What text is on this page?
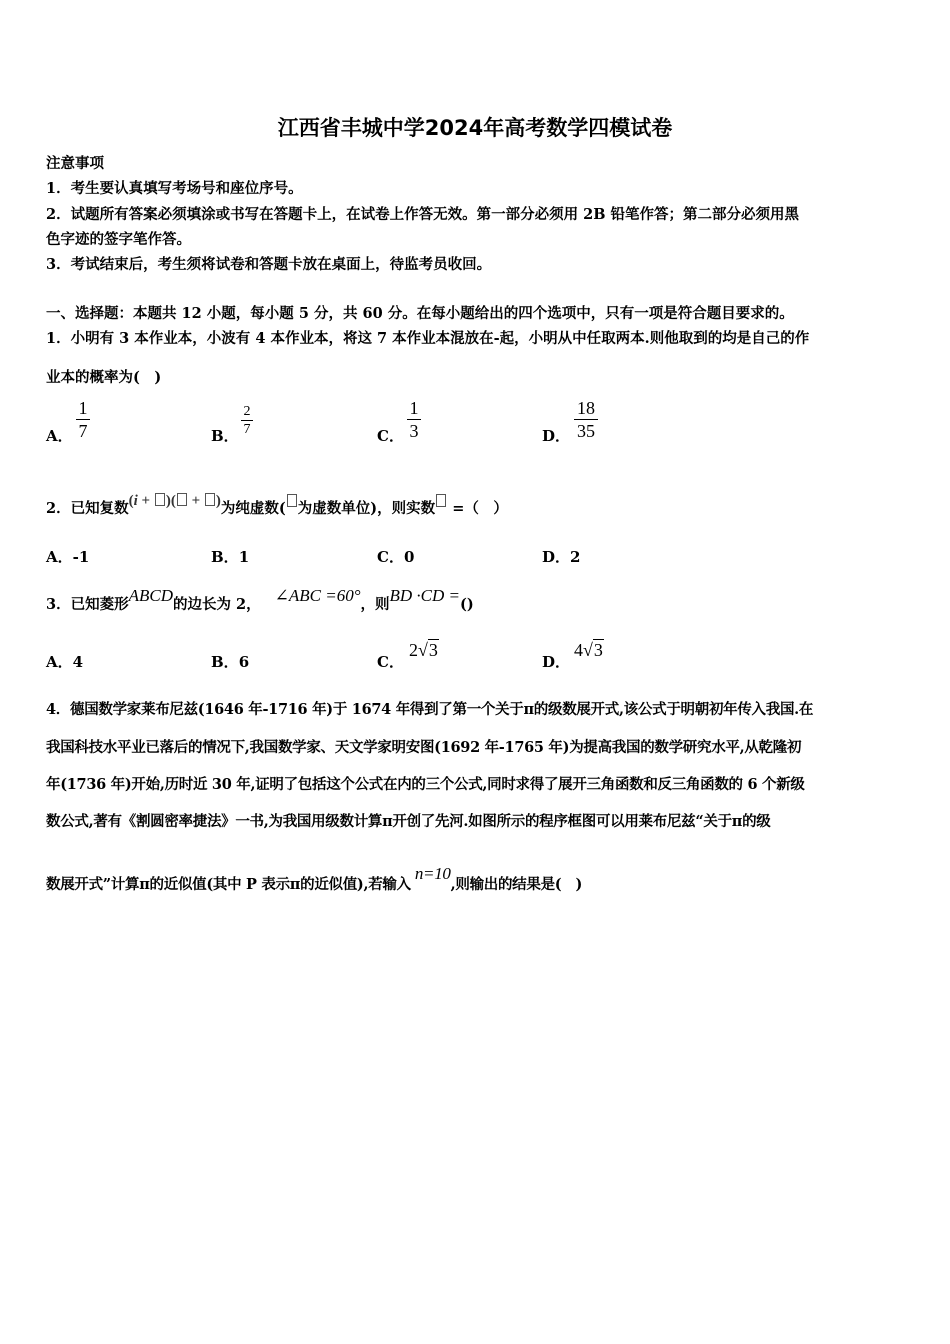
江西省丰城中学2024年高考数学四模试卷
注意事项
1．考生要认真填写考场号和座位序号。
2．试题所有答案必须填涂或书写在答题卡上，在试卷上作答无效。第一部分必须用 2B 铅笔作答；第二部分必须用黑
色字迹的签字笔作答。
3．考试结束后，考生须将试卷和答题卡放在桌面上，待监考员收回。
一、选择题：本题共 12 小题，每小题 5 分，共 60 分。在每小题给出的四个选项中，只有一项是符合题目要求的。
1．小明有 3 本作业本，小波有 4 本作业本，将这 7 本作业本混放在-起，小明从中任取两本.则他取到的均是自己的作
业本的概率为(　)
A．
1
7	B．
2
7	C．
1
3	D．
18
35
2．已知复数(i + )( + )为纯虚数( 为虚数单位)，则实数 =（　）
A．-1	B．1	C．0	D．2
3．已知菱形ABCD的边长为 2， ∠ABC =60°，则BD ·CD =()
A．4	B．6	C．
2√3
D．
4√3
4．德国数学家莱布尼兹(1646 年-1716 年)于 1674 年得到了第一个关于π的级数展开式,该公式于明朝初年传入我国.在
我国科技水平业已落后的情况下,我国数学家、天文学家明安图(1692 年-1765 年)为提高我国的数学研究水平,从乾隆初
年(1736 年)开始,历时近 30 年,证明了包括这个公式在内的三个公式,同时求得了展开三角函数和反三角函数的 6 个新级
数公式,著有《割圆密率捷法》一书,为我国用级数计算π开创了先河.如图所示的程序框图可以用莱布尼兹“关于π的级
数展开式”计算π的近似值(其中 P 表示π的近似值),若输入n=10,则输出的结果是(　)
